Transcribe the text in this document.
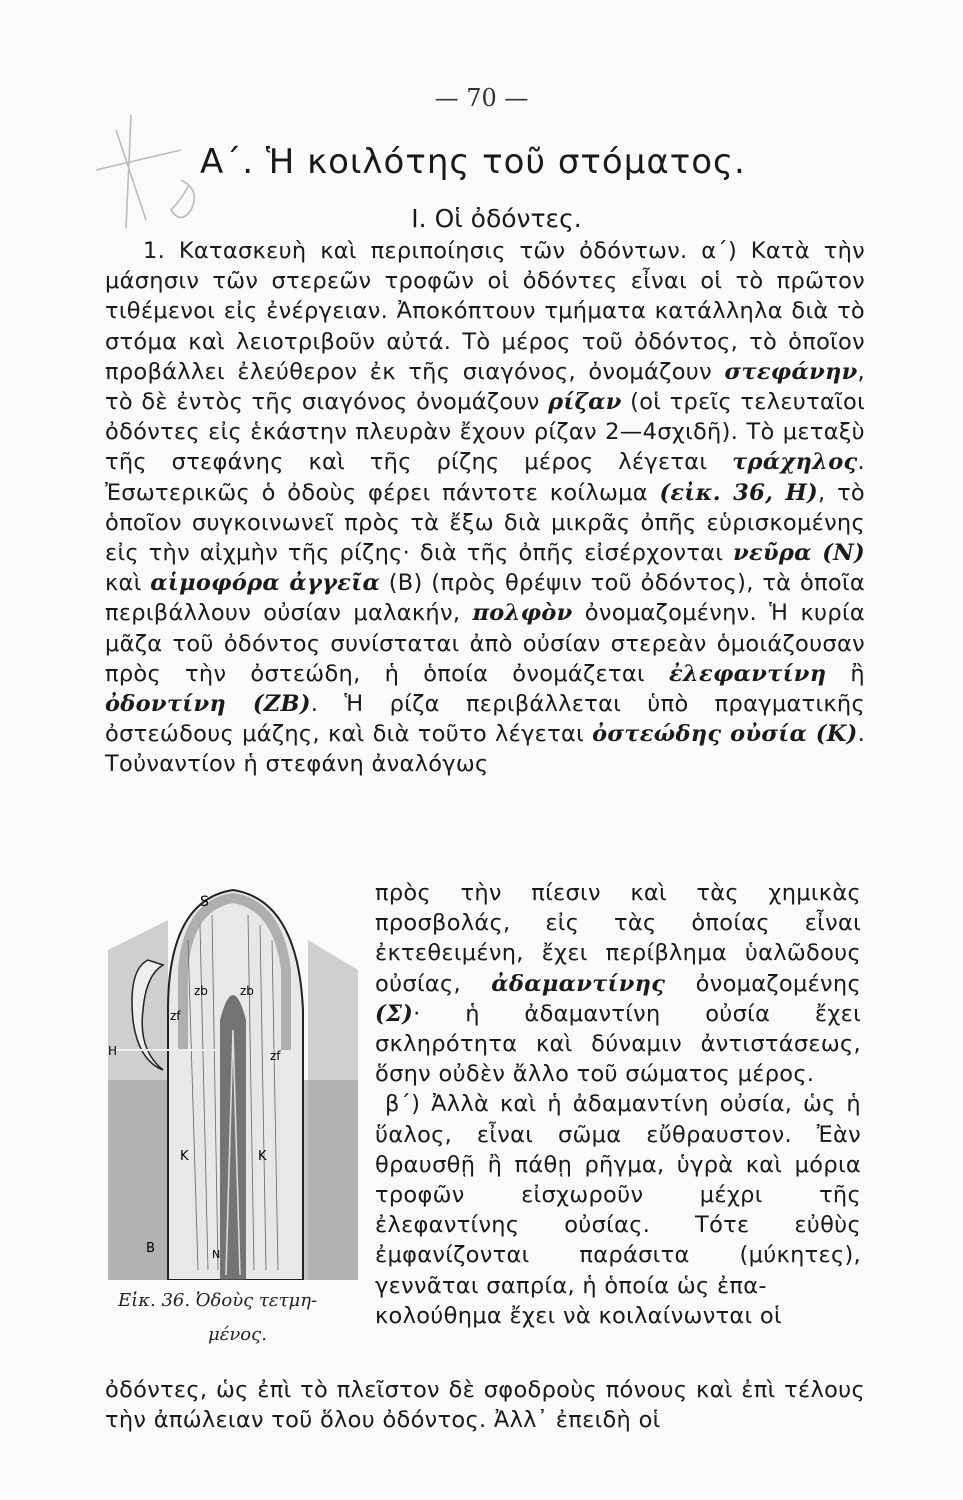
— 70 —
Α΄. Ἡ κοιλότης τοῦ στόματος.
Ι. Οἱ ὀδόντες.

1. Κατασκευὴ καὶ περιποίησις τῶν ὀδόντων. α΄) Κατὰ τὴν μάσησιν τῶν στερεῶν τροφῶν οἱ ὀδόντες εἶναι οἱ τὸ πρῶτον τιθέμενοι εἰς ἐνέργειαν. Ἀποκόπτουν τμήματα κατάλληλα διὰ τὸ στόμα καὶ λειοτριβοῦν αὐτά. Τὸ μέρος τοῦ ὀδόντος, τὸ ὁποῖον προβάλλει ἐλεύθερον ἐκ τῆς σιαγόνος, ὀνομάζουν στεφάνην, τὸ δὲ ἐντὸς τῆς σιαγόνος ὀνομάζουν ρίζαν (οἱ τρεῖς τελευταῖοι ὀδόντες εἰς ἑκάστην πλευρὰν ἔχουν ρίζαν 2—4σχιδῆ). Τὸ μεταξὺ τῆς στεφάνης καὶ τῆς ρίζης μέρος λέγεται τράχηλος. Ἐσωτερικῶς ὁ ὀδοὺς φέρει πάντοτε κοίλωμα (εἰκ. 36, Η), τὸ ὁποῖον συγκοινωνεῖ πρὸς τὰ ἔξω διὰ μικρᾶς ὀπῆς εὑρισκομένης εἰς τὴν αἰχμὴν τῆς ρίζης· διὰ τῆς ὀπῆς εἰσέρχονται νεῦρα (Ν) καὶ αἱμοφόρα ἀγγεῖα (Β) (πρὸς θρέψιν τοῦ ὀδόντος), τὰ ὁποῖα περιβάλλουν οὐσίαν μαλακήν, πολφὸν ὀνομαζομένην. Ἡ κυρία μᾶζα τοῦ ὀδόντος συνίσταται ἀπὸ οὐσίαν στερεὰν ὁμοιάζουσαν πρὸς τὴν ὀστεώδη, ἡ ὁποία ὀνομάζεται ἐλεφαντίνη ἢ ὀδοντίνη (ΖΒ). Ἡ ρίζα περιβάλλεται ὑπὸ πραγματικῆς ὀστεώδους μάζης, καὶ διὰ τοῦτο λέγεται ὀστεώδης οὐσία (Κ). Τοὐναντίον ἡ στεφάνη ἀναλόγως

S
zb	zb
zf
zf
H
K	K
B	N
Εἰκ. 36. Ὀδοὺς τετμη-
μένος.

πρὸς τὴν πίεσιν καὶ τὰς χημικὰς προσβολάς, εἰς τὰς ὁποίας εἶναι ἐκτεθειμένη, ἔχει περίβλημα ὑαλῶδους οὐσίας, ἀδαμαντίνης ὀνομαζομένης (Σ)· ἡ ἀδαμαντίνη οὐσία ἔχει σκληρότητα καὶ δύναμιν ἀντιστάσεως, ὅσην οὐδὲν ἄλλο τοῦ σώματος μέρος.

β΄) Ἀλλὰ καὶ ἡ ἀδαμαντίνη οὐσία, ὡς ἡ ὕαλος, εἶναι σῶμα εὔθραυστον. Ἐὰν θραυσθῇ ἢ πάθῃ ρῆγμα, ὑγρὰ καὶ μόρια τροφῶν εἰσχωροῦν μέχρι τῆς ἐλεφαντίνης οὐσίας. Τότε εὐθὺς ἐμφανίζονται παράσιτα (μύκητες), γεννᾶται σαπρία, ἡ ὁποία ὡς ἐπα-

κολούθημα ἔχει νὰ κοιλαίνωνται οἱ

ὀδόντες, ὡς ἐπὶ τὸ πλεῖστον δὲ σφοδροὺς πόνους καὶ ἐπὶ τέλους τὴν ἀπώλειαν τοῦ ὅλου ὀδόντος. Ἀλλ᾿ ἐπειδὴ οἱ
